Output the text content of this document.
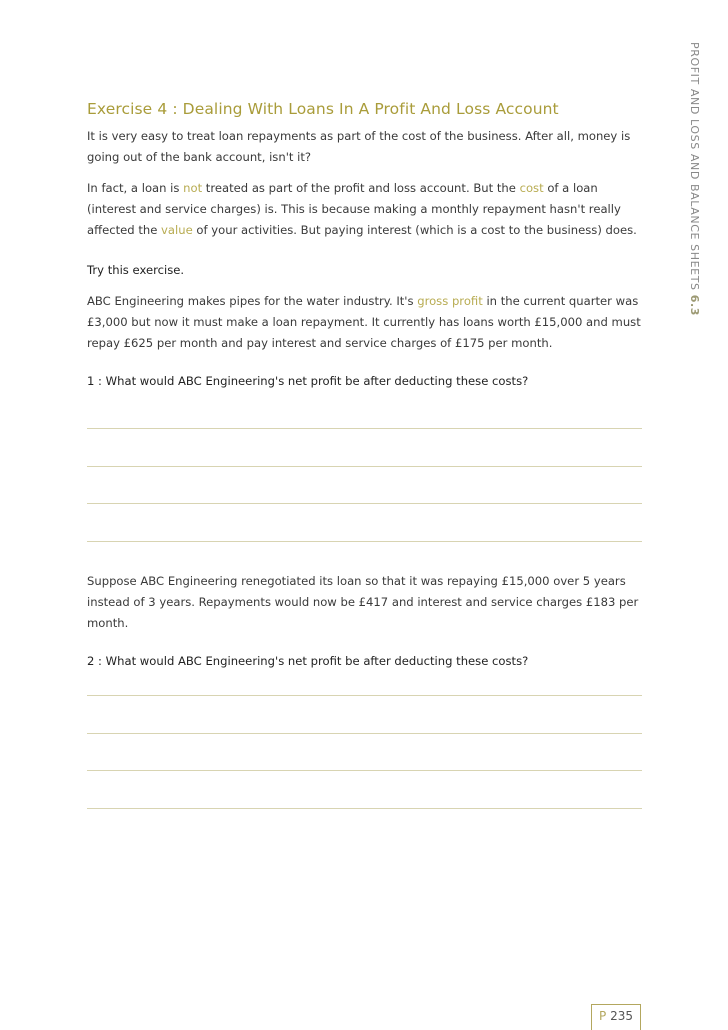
PROFIT AND LOSS AND BALANCE SHEETS 6.3
Exercise 4 : Dealing With Loans In A Profit And Loss Account

It is very easy to treat loan repayments as part of the cost of the business. After all, money is going out of the bank account, isn't it?

In fact, a loan is not treated as part of the profit and loss account. But the cost of a loan (interest and service charges) is. This is because making a monthly repayment hasn't really affected the value of your activities. But paying interest (which is a cost to the business) does.

Try this exercise.

ABC Engineering makes pipes for the water industry. It's gross profit in the current quarter was £3,000 but now it must make a loan repayment. It currently has loans worth £15,000 and must repay £625 per month and pay interest and service charges of £175 per month.

1 : What would ABC Engineering's net profit be after deducting these costs?

Suppose ABC Engineering renegotiated its loan so that it was repaying £15,000 over 5 years instead of 3 years. Repayments would now be £417 and interest and service charges £183 per month.

2 : What would ABC Engineering's net profit be after deducting these costs?

P 235
